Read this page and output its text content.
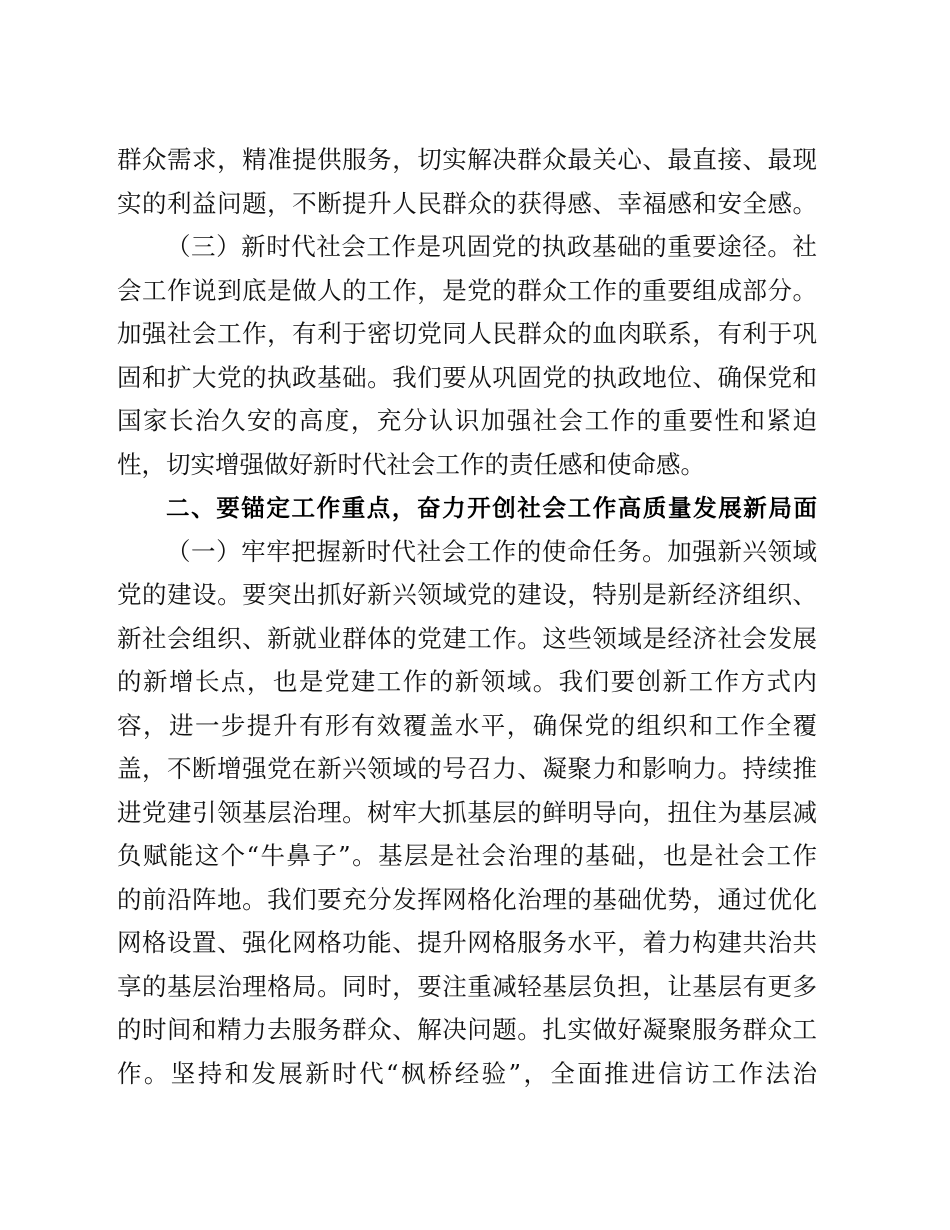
群众需求，精准提供服务，切实解决群众最关心、最直接、最现
实的利益问题，不断提升人民群众的获得感、幸福感和安全感。
（三）新时代社会工作是巩固党的执政基础的重要途径。社
会工作说到底是做人的工作，是党的群众工作的重要组成部分。
加强社会工作，有利于密切党同人民群众的血肉联系，有利于巩
固和扩大党的执政基础。我们要从巩固党的执政地位、确保党和
国家长治久安的高度，充分认识加强社会工作的重要性和紧迫
性，切实增强做好新时代社会工作的责任感和使命感。
二、要锚定工作重点，奋力开创社会工作高质量发展新局面
（一）牢牢把握新时代社会工作的使命任务。加强新兴领域
党的建设。要突出抓好新兴领域党的建设，特别是新经济组织、
新社会组织、新就业群体的党建工作。这些领域是经济社会发展
的新增长点，也是党建工作的新领域。我们要创新工作方式内
容，进一步提升有形有效覆盖水平，确保党的组织和工作全覆
盖，不断增强党在新兴领域的号召力、凝聚力和影响力。持续推
进党建引领基层治理。树牢大抓基层的鲜明导向，扭住为基层减
负赋能这个“牛鼻子”。基层是社会治理的基础，也是社会工作
的前沿阵地。我们要充分发挥网格化治理的基础优势，通过优化
网格设置、强化网格功能、提升网格服务水平，着力构建共治共
享的基层治理格局。同时，要注重减轻基层负担，让基层有更多
的时间和精力去服务群众、解决问题。扎实做好凝聚服务群众工
作。坚持和发展新时代“枫桥经验”，全面推进信访工作法治
